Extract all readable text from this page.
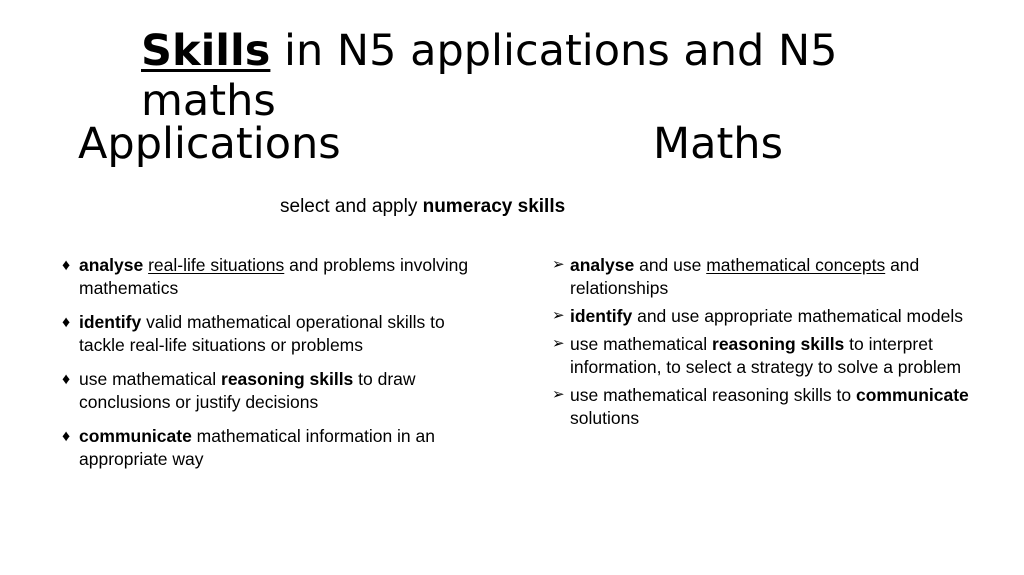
Skills in N5 applications and N5 maths
Applications	Maths
select and apply numeracy skills
♦ analyse real-life situations and problems involving mathematics
♦ identify valid mathematical operational skills to tackle real-life situations or problems
♦ use mathematical reasoning skills to draw conclusions or justify decisions
♦ communicate mathematical information in an appropriate way
➢ analyse and use mathematical concepts and relationships
➢ identify and use appropriate mathematical models
➢ use mathematical reasoning skills to interpret information, to select a strategy to solve a problem
➢ use mathematical reasoning skills to communicate solutions
